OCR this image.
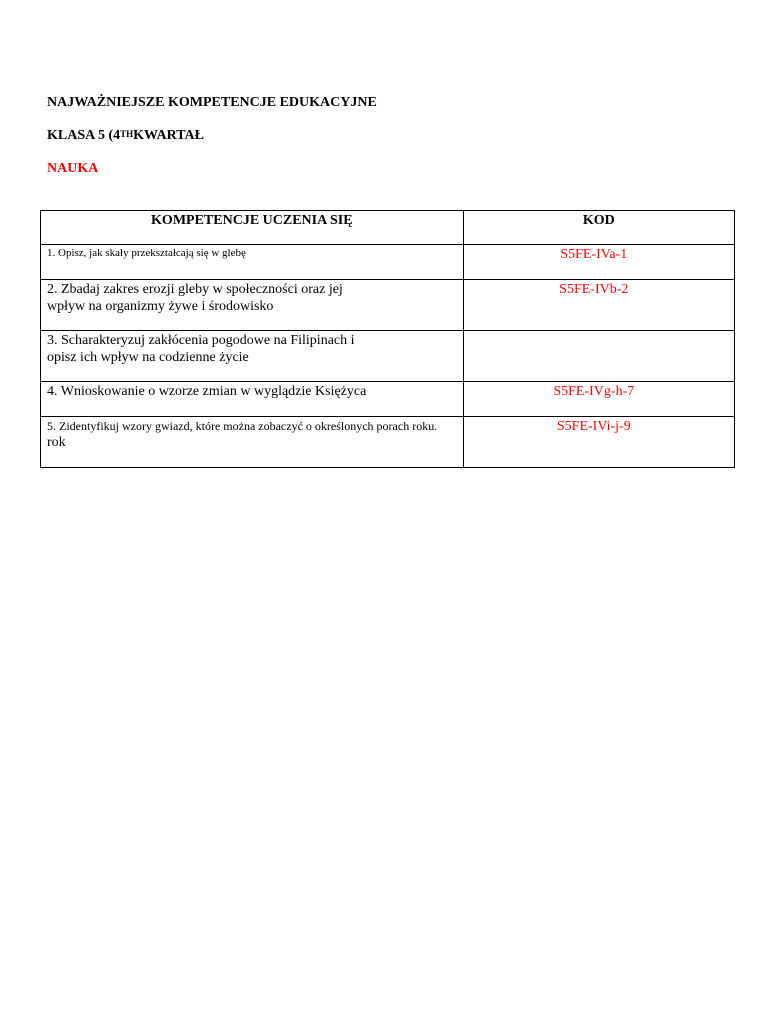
NAJWAŻNIEJSZE KOMPETENCJE EDUKACYJNE
KLASA 5 (4THKWARTAŁ
NAUKA
KOMPETENCJE UCZENIA SIĘ	KOD
1. Opisz, jak skały przekształcają się w glebę	S5FE-IVa-1

2. Zbadaj zakres erozji gleby w społeczności oraz jej
wpływ na organizmy żywe i środowisko	S5FE-IVb-2

3. Scharakteryzuj zakłócenia pogodowe na Filipinach i
opisz ich wpływ na codzienne życie	

4. Wnioskowanie o wzorze zmian w wyglądzie Księżyca	S5FE-IVg-h-7

5. Zidentyfikuj wzory gwiazd, które można zobaczyć o określonych porach roku.
rok	S5FE-IVi-j-9
